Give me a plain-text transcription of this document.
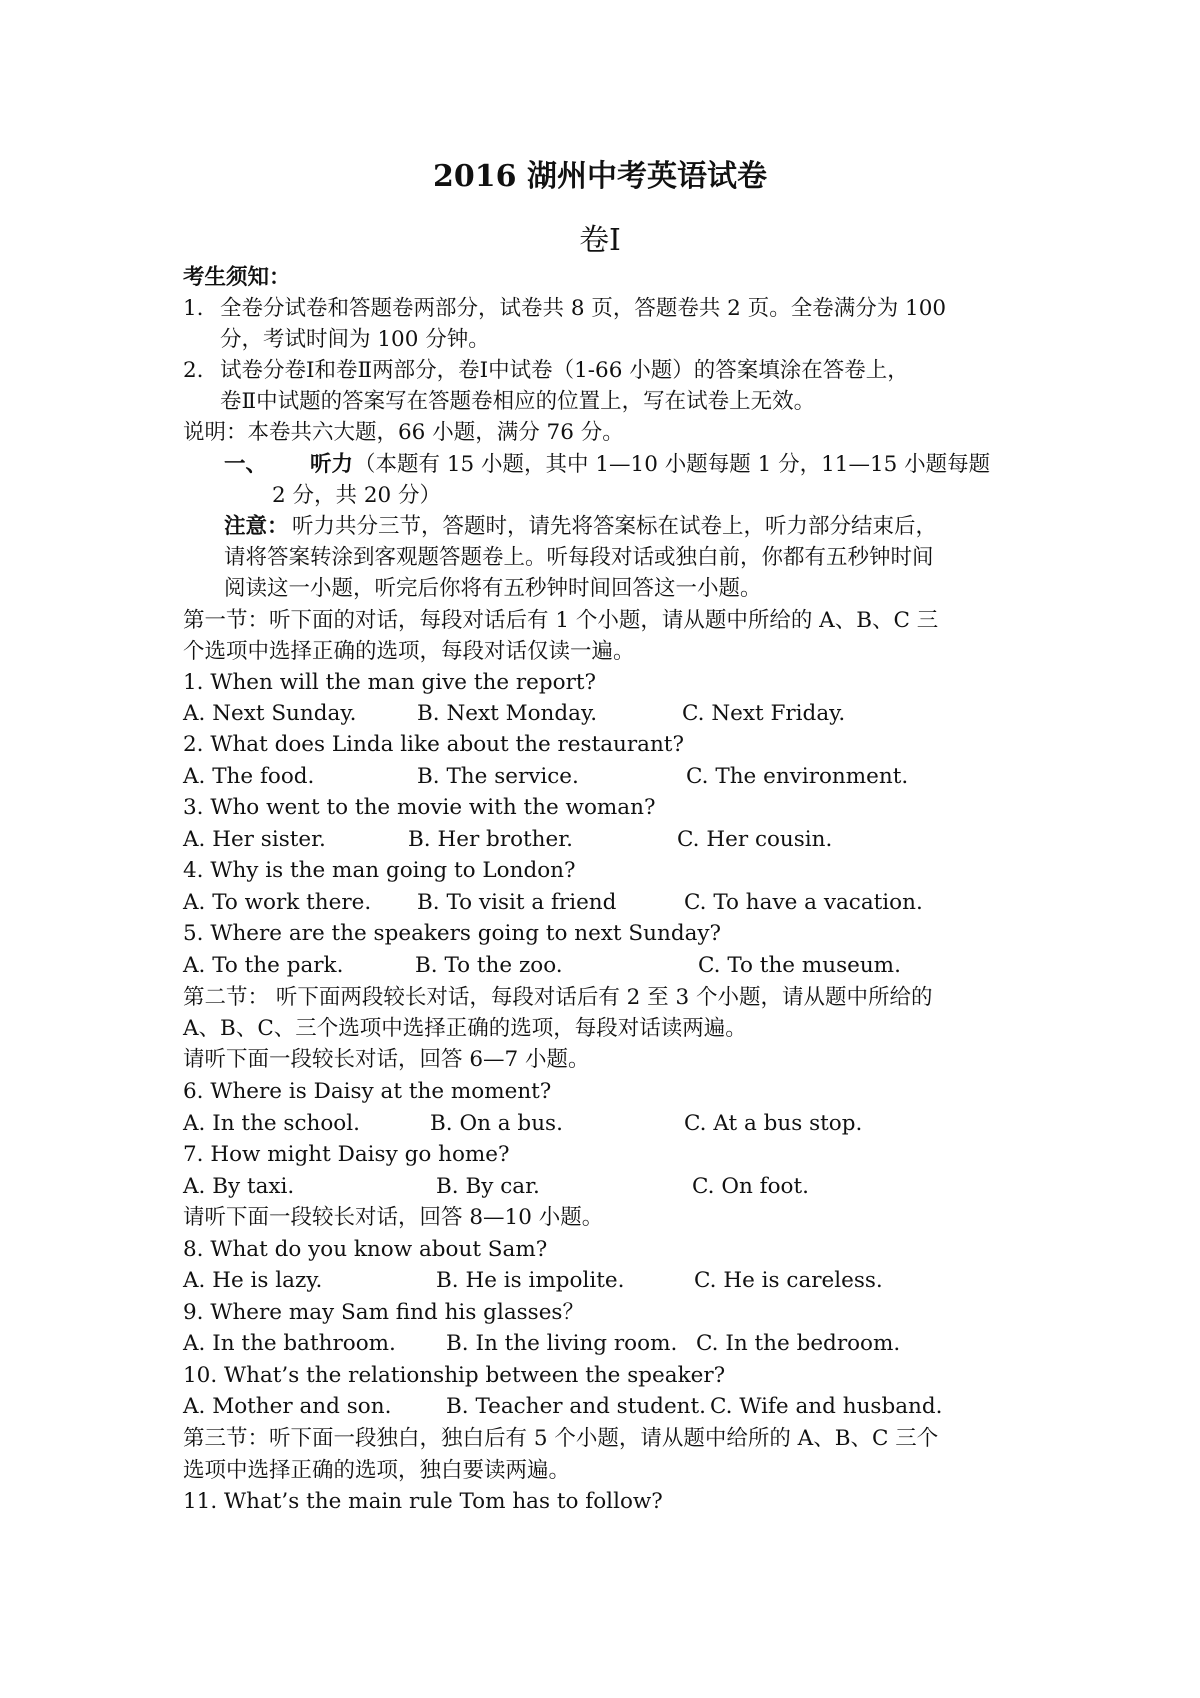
2016 湖州中考英语试卷
卷Ⅰ
考生须知：
1. 全卷分试卷和答题卷两部分，试卷共 8 页，答题卷共 2 页。全卷满分为 100
分，考试时间为 100 分钟。
2. 试卷分卷Ⅰ和卷Ⅱ两部分，卷Ⅰ中试卷（1-66 小题）的答案填涂在答卷上，
卷Ⅱ中试题的答案写在答题卷相应的位置上，写在试卷上无效。
说明：本卷共六大题，66 小题，满分 76 分。
一、 听力 （本题有 15 小题，其中 1—10 小题每题 1 分，11—15 小题每题
2 分，共 20 分）
注意： 听力共分三节，答题时，请先将答案标在试卷上，听力部分结束后，
请将答案转涂到客观题答题卷上。听每段对话或独白前，你都有五秒钟时间
阅读这一小题，听完后你将有五秒钟时间回答这一小题。
第一节：听下面的对话，每段对话后有 1 个小题，请从题中所给的 A、B、C 三
个选项中选择正确的选项，每段对话仅读一遍。
1. When will the man give the report?
A. Next Sunday.	B. Next Monday.	C. Next Friday.
2. What does Linda like about the restaurant?
A. The food.	B. The service.	C. The environment.
3. Who went to the movie with the woman?
A. Her sister.	B. Her brother.	C. Her cousin.
4. Why is the man going to London?
A. To work there. B. To visit a friend	C. To have a vacation.
5. Where are the speakers going to next Sunday?
A. To the park.	B. To the zoo.	C. To the museum.
第二节： 听下面两段较长对话，每段对话后有 2 至 3 个小题，请从题中所给的
A、B、C、三个选项中选择正确的选项，每段对话读两遍。
请听下面一段较长对话，回答 6—7 小题。
6. Where is Daisy at the moment?
A. In the school.	B. On a bus.	C. At a bus stop.
7. How might Daisy go home?
A. By taxi.	B. By car.	C. On foot.
请听下面一段较长对话，回答 8—10 小题。
8. What do you know about Sam?
A. He is lazy.	B. He is impolite.	C. He is careless.
9. Where may Sam find his glasses？
A. In the bathroom. B. In the living room. C. In the bedroom.
10. What’s the relationship between the speaker?
A. Mother and son.	B. Teacher and student. C. Wife and husband.
第三节：听下面一段独白，独白后有 5 个小题，请从题中给所的 A、B、C 三个
选项中选择正确的选项，独白要读两遍。
11. What’s the main rule Tom has to follow?
